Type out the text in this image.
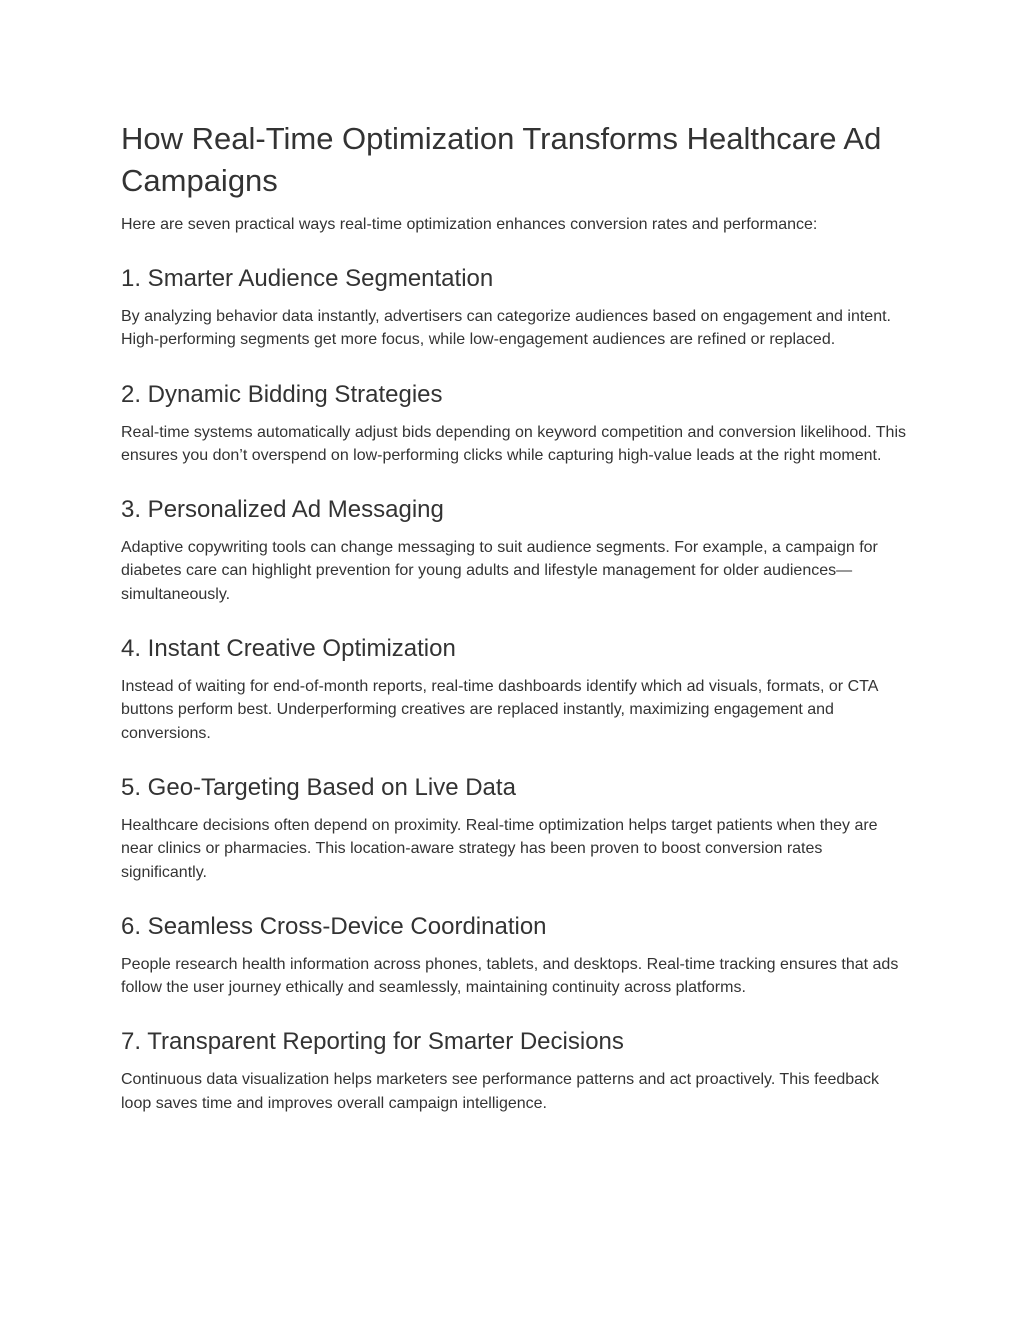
How Real-Time Optimization Transforms Healthcare Ad Campaigns

Here are seven practical ways real-time optimization enhances conversion rates and performance:

1. Smarter Audience Segmentation

By analyzing behavior data instantly, advertisers can categorize audiences based on engagement and intent. High-performing segments get more focus, while low-engagement audiences are refined or replaced.

2. Dynamic Bidding Strategies

Real-time systems automatically adjust bids depending on keyword competition and conversion likelihood. This ensures you don’t overspend on low-performing clicks while capturing high-value leads at the right moment.

3. Personalized Ad Messaging

Adaptive copywriting tools can change messaging to suit audience segments. For example, a campaign for diabetes care can highlight prevention for young adults and lifestyle management for older audiences—simultaneously.

4. Instant Creative Optimization

Instead of waiting for end-of-month reports, real-time dashboards identify which ad visuals, formats, or CTA buttons perform best. Underperforming creatives are replaced instantly, maximizing engagement and conversions.

5. Geo-Targeting Based on Live Data

Healthcare decisions often depend on proximity. Real-time optimization helps target patients when they are near clinics or pharmacies. This location-aware strategy has been proven to boost conversion rates significantly.

6. Seamless Cross-Device Coordination

People research health information across phones, tablets, and desktops. Real-time tracking ensures that ads follow the user journey ethically and seamlessly, maintaining continuity across platforms.

7. Transparent Reporting for Smarter Decisions

Continuous data visualization helps marketers see performance patterns and act proactively. This feedback loop saves time and improves overall campaign intelligence.
